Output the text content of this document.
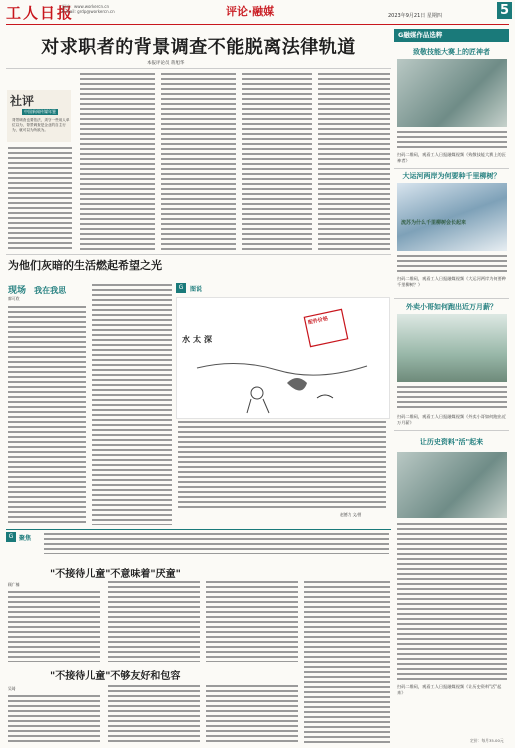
工人日报
网站：www.workercn.cn
E-mail: grdp@workercn.cn	评论·融媒	2023年9月21日 星期四	5
对求职者的背景调查不能脱离法律轨道
本报评论员 蒋旭华
社评
中国新闻传媒年鉴
背景调查也要依法，须守一些用人单位以为，背景调查是企业的自主行为，就可以为所欲为。
为他们灰暗的生活燃起希望之光
现场 我在我思
廖可欣
G	图说
配件价格
水太深
赵德力 文/图
G融媒作品选粹
致敬技能大赛上的匠神者
扫码二维码，观看工人日报融媒视频《致敬技能大赛上的匠神者》
大运河两岸为何要种千里柳树？
流苏为什么千里柳树会长起来
扫码二维码，观看工人日报融媒视频《大运河两岸为何要种千里柳树？》
外卖小哥如何跑出近万月薪？
扫码二维码，观看工人日报融媒视频《外卖小哥如何跑出近万月薪》
让历史资料"活"起来
扫码二维码，观看工人日报融媒视频《让历史资料"活"起来》
G 聚焦
"不接待儿童"不意味着"厌童"
顾广楠
"不接待儿童"不够友好和包容
吴琦
定价：每月35.00元
